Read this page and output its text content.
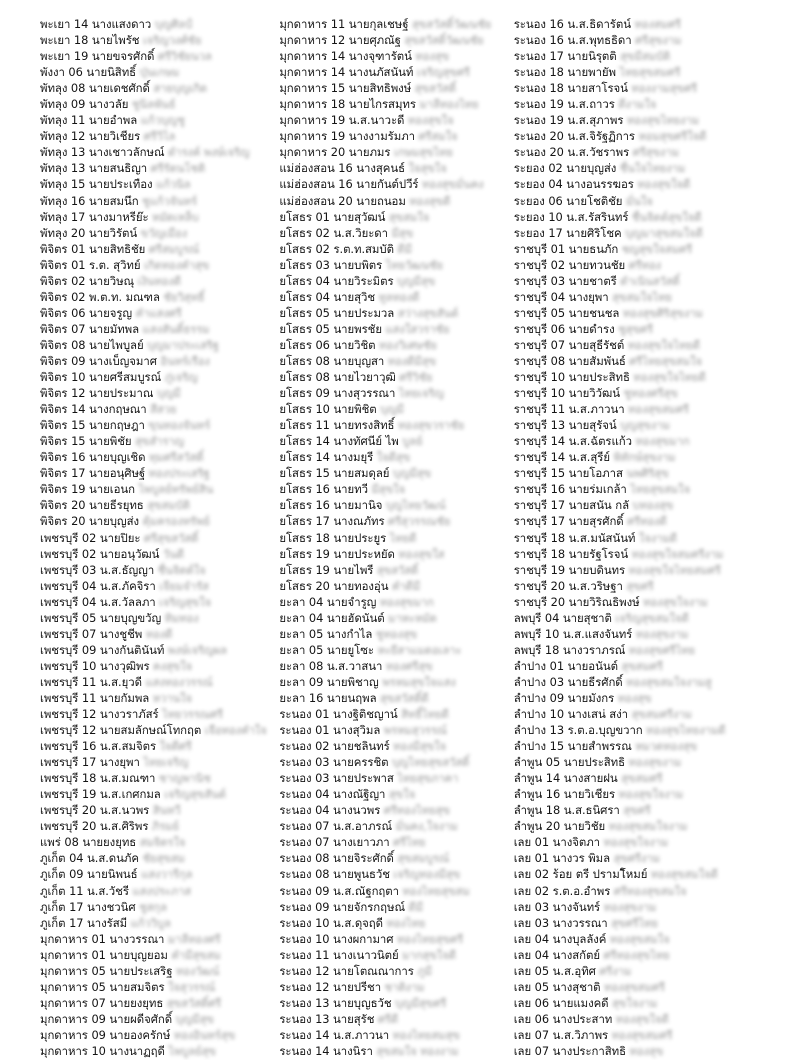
พะเยา 14 นางแสงดาว บุญศิลป์
พะเยา 18 นายไพรัช เจริญวงศ์ชัย
พะเยา 19 นายขจรศักดิ์ ศรีวิชัยนวล
พังงา 06 นายนิสิทธิ์ ปุ่นเกษม
พัทลุง 08 นายเดชศักดิ์ สายบุญเกิด
พัทลุง 09 นางวลัย ชูนิลพันธ์
พัทลุง 11 นายอำพล แก้วบุญชู
พัทลุง 12 นายวิเชียร ศรีวิไล
พัทลุง 13 นางเชาวลักษณ์ ดำรงค์ พงษ์เจริญ
พัทลุง 13 นายสนธิญา ศรีรัตนโชติ
พัทลุง 15 นายประเทือง แก้วนิล
พัทลุง 16 นายสมนึก ชูแก้วจันทร์
พัทลุง 17 นางมาหรีย๊ะ หมัดเหล็บ
พัทลุง 20 นายวิรัตน์ ขวัญเมือง
พิจิตร 01 นายสิทธิชัย ศรีสมบูรณ์
พิจิตร 01 ร.ต. สุวิทย์ เกิดทองคำสุข
พิจิตร 02 นายวิษณุ เงินทองดี
พิจิตร 02 พ.ต.ท. มณฑล ชัยวิสุทธิ์
พิจิตร 06 นายจรูญ คำแสงศรี
พิจิตร 07 นายมัทพล แสงสันติ์ธรรม
พิจิตร 08 นายไพบูลย์ บุญมาประเสริฐ
พิจิตร 09 นางเบ็ญจมาศ อินทร์เรือง
พิจิตร 10 นายศรีสมบูรณ์ ภู่เจริญ
พิจิตร 12 นายประมาณ บุญมี
พิจิตร 14 นางกฤษณา สีสวย
พิจิตร 15 นายกฤษฎา ขุนทองจันทร์
พิจิตร 15 นายพิชัย สุขสำราญ
พิจิตร 16 นายบุญเชิด ทุมศรีสวัสดิ์
พิจิตร 17 นายอนุศิษฐ์ ทองประเสริฐ
พิจิตร 19 นายเอนก ไพบูลย์ทรัพย์สิน
พิจิตร 20 นายธีรยุทธ สุขสมบัติ
พิจิตร 20 นายบุญส่ง คุ้มครองทรัพย์
เพชรบุรี 02 นายปิยะ ศรีสุขสวัสดิ์
เพชรบุรี 02 นายอนุวัฒน์ วันดี
เพชรบุรี 03 น.ส.ธัญญา ชื่นจิตต์ใจ
เพชรบุรี 04 น.ส.ภัคจิรา เจียมจำรัส
เพชรบุรี 04 น.ส.วัลลภา เจริญสุขใจ
เพชรบุรี 05 นายบุญขวัญ ทิมทอง
เพชรบุรี 07 นางชูชีพ ทองดี
เพชรบุรี 09 นางกันตินันท์ พงษ์เจริญผล
เพชรบุรี 10 นางวุฒิพร คงสุขใจ
เพชรบุรี 11 น.ส.ยุวดี แสงทองวรรณ์
เพชรบุรี 11 นายกัมพล หวานใจ
เพชรบุรี 12 นางวราภัสร์ ไทยวรรณศรี
เพชรบุรี 12 นายสมลักษณ์โทกฤต เจือทองคำใจ
เพชรบุรี 16 น.ส.สมจิตร ใจดีศรี
เพชรบุรี 17 นางยุพา ไทยเจริญ
เพชรบุรี 18 น.ส.มณฑา ชาญพานิช
เพชรบุรี 19 น.ส.เกศกมล เจริญสุขสันต์
เพชรบุรี 20 น.ส.นวพร สินทวี
เพชรบุรี 20 น.ส.ศิริพร ภิรมย์
แพร่ 08 นายยงยุทธ สมจิตรใจ
ภูเก็ต 04 น.ส.ดนภัค ชัยสุขสม
ภูเก็ต 09 นายนิพนธ์ แสงวารีกุล
ภูเก็ต 11 น.ส.วัชรี แสงประภาส
ภูเก็ต 17 นางชวนิศ ชูสกุล
ภูเก็ต 17 นางรัสมี แก้ววิบูล
มุกดาหาร 01 นางวรรณา มาลีทองศรี
มุกดาหาร 01 นายบุญยอม คำมีสุขสม
มุกดาหาร 05 นายประเสริฐ ทองวัฒน์
มุกดาหาร 05 นายสมจิตร ใจสุวรรณ์
มุกดาหาร 07 นายยงยุทธ สุขสวัสดิ์ศรี
มุกดาหาร 09 นายผดีจศักดิ์ บุญมีสุข
มุกดาหาร 09 นายองครักษ์ ทองอินทร์สุข
มุกดาหาร 10 นางนาฏฤดี ไพบูลย์สุข
มุกดาหาร 11 นายกุลเชษฐ์ สุขสวัสดิ์วัฒนชัย
มุกดาหาร 12 นายศุภณัฐ สุขสวัสดิ์วัฒนชัย
มุกดาหาร 14 นางจุฑารัตน์ ทองสุข
มุกดาหาร 14 นางนภัสนันท์ เจริญสุขศรี
มุกดาหาร 15 นายสิทธิพงษ์ สุขสวัสดิ์
มุกดาหาร 18 นายไกรสมุทร มาลีทองไทย
มุกดาหาร 19 น.ส.นาวะดี ทองสุขใจ
มุกดาหาร 19 นางงามรัมภา ศรีสมใจ
มุกดาหาร 20 นายภมร เกษมสุขไทย
แม่ฮ่องสอน 16 นางสุคนธ์ ใจสุขใจ
แม่ฮ่องสอน 16 นายกันต์ปวีร์ ทองสุขมั่นคง
แม่ฮ่องสอน 20 นายถนอม ทองสุขดี
ยโสธร 01 นายสุวัฒน์ สุขสมใจ
ยโสธร 02 น.ส.วิยะดา มีสุข
ยโสธร 02 ร.ต.ท.สมบัติ ดีมี
ยโสธร 03 นายบพิตร ไทยวัฒนชัย
ยโสธร 04 นายวิระมิตร บุญมีสุข
ยโสธร 04 นายสุวิช ทูลทองดี
ยโสธร 05 นายประมวล สว่างสุขสันต์
ยโสธร 05 นายพรชัย แสงใสวราชัย
ยโสธร 06 นายวิชิต ทองวิเศษชัย
ยโสธร 08 นายบุญสา ทองดีมีสุข
ยโสธร 08 นายไวยาวุฒิ ศรีวิชัย
ยโสธร 09 นางสุวรรณา ไทยเจริญ
ยโสธร 10 นายพิชิต บุญมี
ยโสธร 11 นายทรงสิทธิ์ ทองสุขวราชัย
ยโสธร 14 นางทัศนีย์ ไพ บูลย์
ยโสธร 14 นางมยุรี ใจดีสุข
ยโสธร 15 นายสมดุลย์ บุญมีสุข
ยโสธร 16 นายทวี มีสุขใจ
ยโสธร 16 นายมานิจ บุญไทยวัฒน์
ยโสธร 17 นางณภัทร ศรีสุวรรณชัย
ยโสธร 18 นายประยูร ไทยดี
ยโสธร 19 นายประหยัด ทองสุขใส
ยโสธร 19 นายไพรี สุขสวัสดิ์
ยโสธร 20 นายทองอุ่น คำดีมี
ยะลา 04 นายจำรูญ ทองสุขมาก
ยะลา 04 นายฮัดนันต์ มาหะหมัด
ยะลา 05 นางกำไล ชูทองสุข
ยะลา 05 นายยูโซะ หะยีสาแมดอเลาะ
ยะลา 08 น.ส.วาสนา ทองศรีสุข
ยะลา 09 นายพิชาญ พรหมสุขใจแสง
ยะลา 16 นายนฤพล สุขสวัสดิ์ดี
ระนอง 01 นางฐิติชญาน์ สิทธิ์ไทยดี
ระนอง 01 นางสุวิมล พรหมสุวรรณ์
ระนอง 02 นายชลินทร์ ทองมีสุขใจ
ระนอง 03 นายครรชิต บุญไทยสุขสวัสดิ์
ระนอง 03 นายประพาส ไทยสุขภาคา
ระนอง 04 นางณัฐิญา สุขใจ
ระนอง 04 นางนวพร ศรีทองไทยสุข
ระนอง 07 น.ส.อาภรณ์ มั่นคง,ใจงาม
ระนอง 07 นางเยาวภา ศรีไทย
ระนอง 08 นายจิระศักดิ์ สุขสมบูรณ์
ระนอง 08 นายพูนธวัช เจริญทองมีสุข
ระนอง 09 น.ส.ณัฐกฤตา ทองไทยสุขสม
ระนอง 09 นายจักรกฤษณ์ ดีมี
ระนอง 10 น.ส.ดุจฤดี ทองไทย
ระนอง 10 นางผกามาศ ทองไทยสุขศรี
ระนอง 11 นางเนาวนิตย์ มากสุขใจดี
ระนอง 12 นายโตณณาการ ภูมี
ระนอง 12 นายปรีชา ชาติงาม
ระนอง 13 นายบุญธวัช บุญมีสุขศรี
ระนอง 13 นายสุรัช ศรีดี
ระนอง 14 น.ส.ภาวนา ทองไทยสมสุข
ระนอง 14 นางนิรา สุขสมใจ ทองงาม
ระนอง 16 น.ส.ธิดารัตน์ ทองสมศรี
ระนอง 16 น.ส.พุทธธิดา ศรีสุขงาม
ระนอง 17 นายนิรุตติ สุขมีสมบัติ
ระนอง 18 นายพายัพ ไทยสุขสมศรี
ระนอง 18 นายสาโรจน์ ทองงามสุขศรี
ระนอง 19 น.ส.ถาวร ดีงามใจ
ระนอง 19 น.ส.สุภาพร ทองสุขไทยงาม
ระนอง 20 น.ส.จิรัฐฏิการ หอมสุขศรีใจดี
ระนอง 20 น.ส.วัชราพร ศรีสุขงาม
ระยอง 02 นายบุญส่ง ชื่นใจไทยงาม
ระยอง 04 นางอนรรฆอร ทองสุขใจดี
ระยอง 06 นายโชติชัย มั่นใจ
ระยอง 10 น.ส.รัสรินทร์ ชื่นจิตต์สุขใจดี
ระยอง 17 นายศิริโชค บุญมาสุขสมใจดี
ราชบุรี 01 นายธนภัก ชญสุขใจสมศรี
ราชบุรี 02 นายทวนชัย ศรีทอง
ราชบุรี 03 นายชาตรี ดำเนินสวัสดิ์
ราชบุรี 04 นางยุพา สุขสมใจไทย
ราชบุรี 05 นายชนชล ทองสุขศิริสุขงาม
ราชบุรี 06 นายดำรง ชูสุขศรี
ราชบุรี 07 นายสุธีรัชต์ ทองสุขใจไทยดี
ราชบุรี 08 นายสัมพันธ์ ศรีไทยสุขสมใจ
ราชบุรี 10 นายประสิทธิ ทองสุขใจไทยดี
ราชบุรี 10 นายวิวัฒน์ ชูทองศรีสุข
ราชบุรี 11 น.ส.ภาวนา ทองสุขสมศรี
ราชบุรี 13 นายสุรัจน์ บุญสุขงาม
ราชบุรี 14 น.ส.ฉัตรแก้ว ทองสุขมาก
ราชบุรี 14 น.ส.สุรีย์ พิทักษ์สุขงาม
ราชบุรี 15 นายโอภาส นพศิริสุข
ราชบุรี 16 นายร่มเกล้า ไทยสุขสมใจ
ราชบุรี 17 นายสนัน กลั บทองสุข
ราชบุรี 17 นายสุรศักดิ์ ศรีทองดี
ราชบุรี 18 น.ส.มนัสนันท์ ใจงามดี
ราชบุรี 18 นายรัฐโรจน์ ทองสุขใจสมศรีงาม
ราชบุรี 19 นายบดินทร ทองสุขใจไทยสมศรี
ราชบุรี 20 น.ส.วริษฐา สุขศรี
ราชบุรี 20 นายวิริณธิพงษ์ ทองสุขใจงาม
ลพบุรี 04 นายสุชาติ เจริญสุขสมใจดี
ลพบุรี 10 น.ส.แสงจันทร์ ทองสุขงาม
ลพบุรี 18 นางวราภรณ์ ทองสุขศรีไทย
ลำปาง 01 นายอนันต์ สุขสมศรี
ลำปาง 03 นายธีรศักดิ์ ทองสุขสมใจงามสู
ลำปาง 09 นายมังกร ทองสุข
ลำปาง 10 นางเสน่ สง่า สุขสมศรีงาม
ลำปาง 13 ร.ต.อ.บุญขวาก ทองสุขไทยงามดี
ลำปาง 15 นายสำพรรณ หมวดทองสุข
ลำพูน 05 นายประสิทธิ ทองสุขงาม
ลำพูน 14 นางสายฝน สุขสมศรี
ลำพูน 16 นายวิเชียร ทองสุขใจงาม
ลำพูน 18 น.ส.ธนิศรา สุขศรี
ลำพูน 20 นายวิชัย ทองสุขสมใจงาม
เลย 01 นางจิตภา ทองสุขใจงาม
เลย 01 นางวร พิมล สุขศรีงาม
เลย 02 ร้อย ตรี ปรามโิหมย์ ทองสุขสมใจดี
เลย 02 ร.ต.อ.อำพร ศรีทองสุขสมใจ
เลย 03 นางจันทร์ ทองสุขงาม
เลย 03 นางวรรณา สุขศรีไทย
เลย 04 นางบุลลังค์ ทองสุขสมใจ
เลย 04 นางสกัตย์ ศรีทองสุขไทย
เลย 05 น.ส.อุทิศ ศรีงาม
เลย 05 นางสุชาติ ทองสุขสมศรี
เลย 06 นายแมงคดี สุขใจงาม
เลย 06 นางประสาท ทองสุขใจดี
เลย 07 น.ส.วิภาพร ทองสุขสมศรี
เลย 07 นางประกาสิทธิ ทองสุข
